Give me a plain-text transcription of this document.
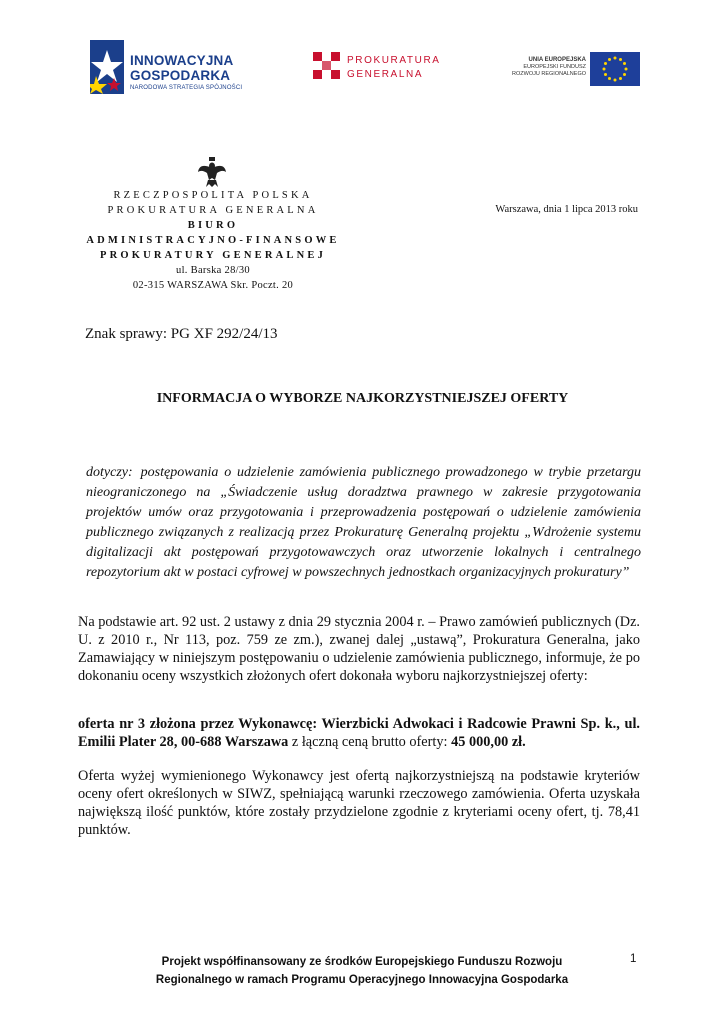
INNOWACYJNA
GOSPODARKA
NARODOWA STRATEGIA SPÓJNOŚCI
PROKURATURA
GENERALNA
UNIA EUROPEJSKA
EUROPEJSKI FUNDUSZ
ROZWOJU REGIONALNEGO
RZECZPOSPOLITA POLSKA
PROKURATURA GENERALNA
BIURO
ADMINISTRACYJNO-FINANSOWE
PROKURATURY GENERALNEJ
ul. Barska 28/30
02-315 WARSZAWA Skr. Poczt. 20
Warszawa, dnia 1 lipca 2013 roku
Znak sprawy: PG XF 292/24/13
INFORMACJA O WYBORZE NAJKORZYSTNIEJSZEJ OFERTY
dotyczy: postępowania o udzielenie zamówienia publicznego prowadzonego w trybie przetargu nieograniczonego na „Świadczenie usług doradztwa prawnego w zakresie przygotowania projektów umów oraz przygotowania i przeprowadzenia postępowań o udzielenie zamówienia publicznego związanych z realizacją przez Prokuraturę Generalną projektu „Wdrożenie systemu digitalizacji akt postępowań przygotowawczych oraz utworzenie lokalnych i centralnego repozytorium akt w postaci cyfrowej w powszechnych jednostkach organizacyjnych prokuratury”
Na podstawie art. 92 ust. 2 ustawy z dnia 29 stycznia 2004 r. – Prawo zamówień publicznych (Dz. U. z 2010 r., Nr 113, poz. 759 ze zm.), zwanej dalej „ustawą”, Prokuratura Generalna, jako Zamawiający w niniejszym postępowaniu o udzielenie zamówienia publicznego, informuje, że po dokonaniu oceny wszystkich złożonych ofert dokonała wyboru najkorzystniejszej oferty:
oferta nr 3 złożona przez Wykonawcę: Wierzbicki Adwokaci i Radcowie Prawni Sp. k., ul. Emilii Plater 28, 00-688 Warszawa z łączną ceną brutto oferty: 45 000,00 zł.
Oferta wyżej wymienionego Wykonawcy jest ofertą najkorzystniejszą na podstawie kryteriów oceny ofert określonych w SIWZ, spełniającą warunki rzeczowego zamówienia. Oferta uzyskała największą ilość punktów, które zostały przydzielone zgodnie z kryteriami oceny ofert, tj. 78,41 punktów.
Projekt współfinansowany ze środków Europejskiego Funduszu Rozwoju
Regionalnego w ramach Programu Operacyjnego Innowacyjna Gospodarka
1
